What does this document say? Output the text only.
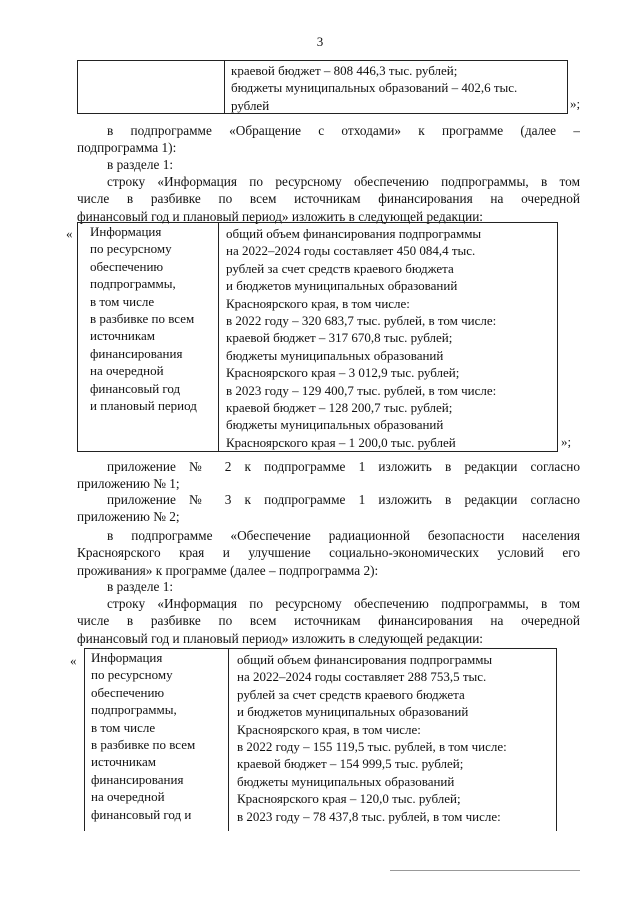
3
краевой бюджет – 808 446,3 тыс. рублей;
бюджеты муниципальных образований – 402,6 тыс.
рублей	»;
в подпрограмме «Обращение с отходами» к программе (далее –
подпрограмма 1):
в разделе 1:
строку «Информация по ресурсному обеспечению подпрограммы, в том
числе в разбивке по всем источникам финансирования на очередной
финансовый год и плановый период» изложить в следующей редакции:
« Информация
по ресурсному
обеспечению
подпрограммы,
в том числе
в разбивке по всем
источникам
финансирования
на очередной
финансовый год
и плановый период
общий объем финансирования подпрограммы
на 2022–2024 годы составляет 450 084,4 тыс.
рублей за счет средств краевого бюджета
и бюджетов муниципальных образований
Красноярского края, в том числе:
в 2022 году – 320 683,7 тыс. рублей, в том числе:
краевой бюджет – 317 670,8 тыс. рублей;
бюджеты муниципальных образований
Красноярского края – 3 012,9 тыс. рублей;
в 2023 году – 129 400,7 тыс. рублей, в том числе:
краевой бюджет – 128 200,7 тыс. рублей;
бюджеты муниципальных образований
Красноярского края – 1 200,0 тыс. рублей	»;
приложение № 2 к подпрограмме 1 изложить в редакции согласно
приложению № 1;
приложение № 3 к подпрограмме 1 изложить в редакции согласно
приложению № 2;
в подпрограмме «Обеспечение радиационной безопасности населения
Красноярского края и улучшение социально-экономических условий его
проживания» к программе (далее – подпрограмма 2):
в разделе 1:
строку «Информация по ресурсному обеспечению подпрограммы, в том
числе в разбивке по всем источникам финансирования на очередной
финансовый год и плановый период» изложить в следующей редакции:
« Информация
по ресурсному
обеспечению
подпрограммы,
в том числе
в разбивке по всем
источникам
финансирования
на очередной
финансовый год и
общий объем финансирования подпрограммы
на 2022–2024 годы составляет 288 753,5 тыс.
рублей за счет средств краевого бюджета
и бюджетов муниципальных образований
Красноярского края, в том числе:
в 2022 году – 155 119,5 тыс. рублей, в том числе:
краевой бюджет – 154 999,5 тыс. рублей;
бюджеты муниципальных образований
Красноярского края – 120,0 тыс. рублей;
в 2023 году – 78 437,8 тыс. рублей, в том числе:
